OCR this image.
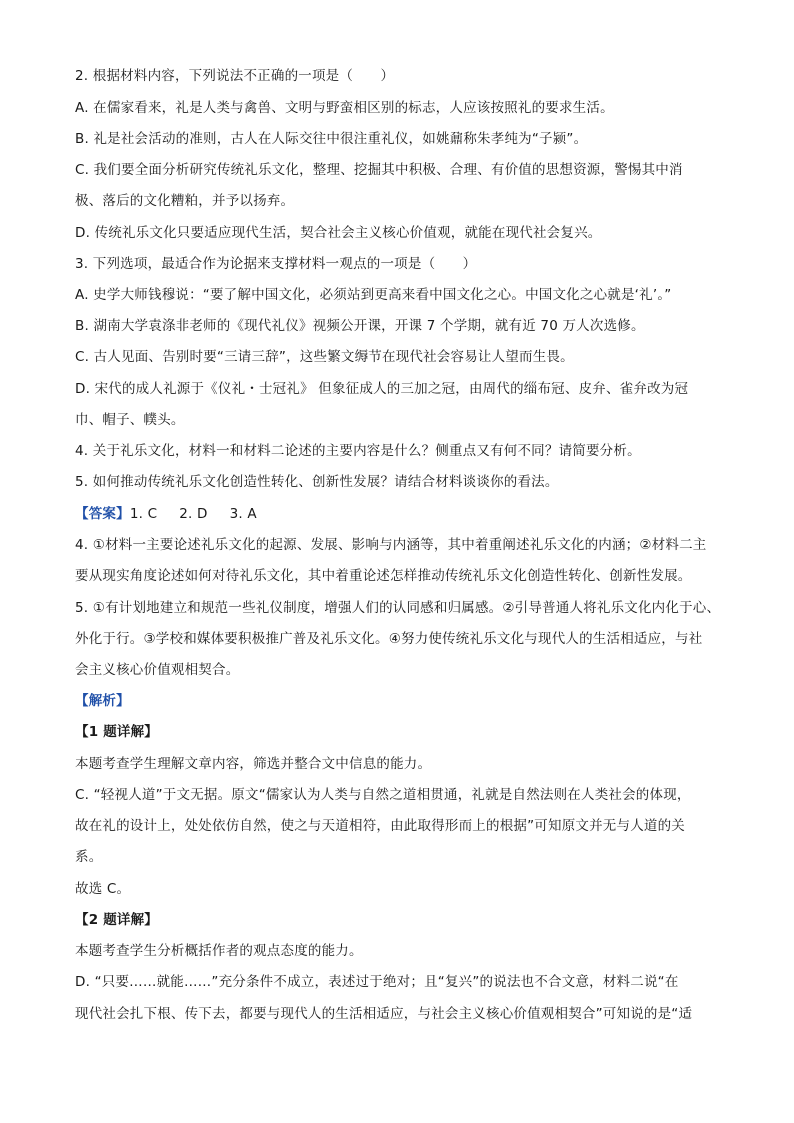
2. 根据材料内容，下列说法不正确的一项是（　　）
A. 在儒家看来，礼是人类与禽兽、文明与野蛮相区别的标志，人应该按照礼的要求生活。
B. 礼是社会活动的准则，古人在人际交往中很注重礼仪，如姚鼐称朱孝纯为“子颍”。
C. 我们要全面分析研究传统礼乐文化，整理、挖掘其中积极、合理、有价值的思想资源，警惕其中消
极、落后的文化糟粕，并予以扬弃。
D. 传统礼乐文化只要适应现代生活，契合社会主义核心价值观，就能在现代社会复兴。
3. 下列选项，最适合作为论据来支撑材料一观点的一项是（　　）
A. 史学大师钱穆说：“要了解中国文化，必须站到更高来看中国文化之心。中国文化之心就是‘礼’。”
B. 湖南大学袁涤非老师的《现代礼仪》视频公开课，开课 7 个学期，就有近 70 万人次选修。
C. 古人见面、告别时要“三请三辞”，这些繁文缛节在现代社会容易让人望而生畏。
D. 宋代的成人礼源于《仪礼・士冠礼》 但象征成人的三加之冠，由周代的缁布冠、皮弁、雀弁改为冠
巾、帽子、幞头。
4. 关于礼乐文化，材料一和材料二论述的主要内容是什么？侧重点又有何不同？请简要分析。
5. 如何推动传统礼乐文化创造性转化、创新性发展？请结合材料谈谈你的看法。
【答案】1. C 2. D 3. A
4. ①材料一主要论述礼乐文化的起源、发展、影响与内涵等，其中着重阐述礼乐文化的内涵；②材料二主
要从现实角度论述如何对待礼乐文化，其中着重论述怎样推动传统礼乐文化创造性转化、创新性发展。
5. ①有计划地建立和规范一些礼仪制度，增强人们的认同感和归属感。②引导普通人将礼乐文化内化于心、
外化于行。③学校和媒体要积极推广普及礼乐文化。④努力使传统礼乐文化与现代人的生活相适应，与社
会主义核心价值观相契合。
【解析】
【1 题详解】
本题考查学生理解文章内容，筛选并整合文中信息的能力。
C. “轻视人道”于文无据。原文“儒家认为人类与自然之道相贯通，礼就是自然法则在人类社会的体现，
故在礼的设计上，处处依仿自然，使之与天道相符，由此取得形而上的根据”可知原文并无与人道的关
系。
故选 C。
【2 题详解】
本题考查学生分析概括作者的观点态度的能力。
D. “只要……就能……”充分条件不成立，表述过于绝对；且“复兴”的说法也不合文意，材料二说“在
现代社会扎下根、传下去，都要与现代人的生活相适应，与社会主义核心价值观相契合”可知说的是“适
